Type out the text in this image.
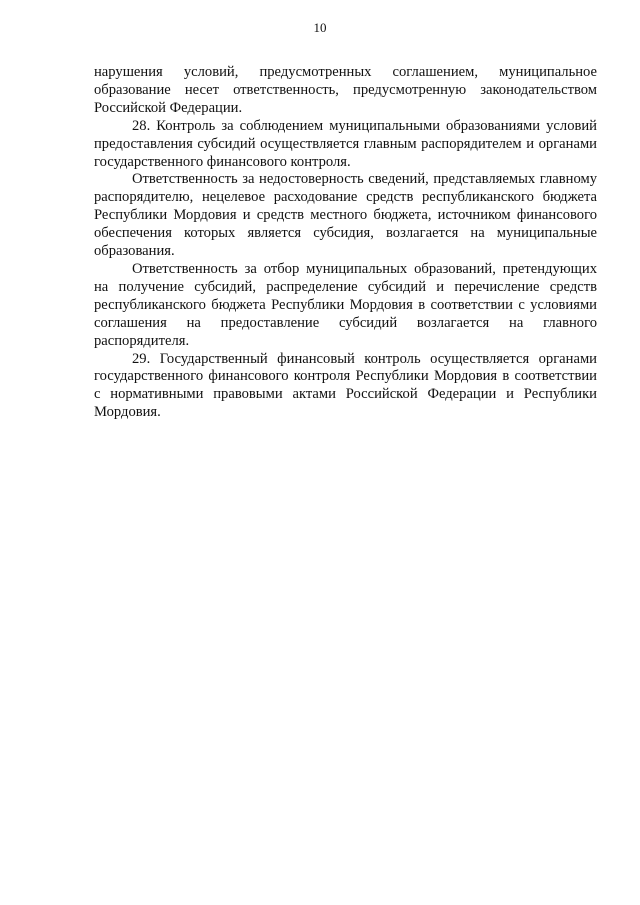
10

нарушения условий, предусмотренных соглашением, муниципальное образование несет ответственность, предусмотренную законодательством Российской Федерации.

28. Контроль за соблюдением муниципальными образованиями условий предоставления субсидий осуществляется главным распорядителем и органами государственного финансового контроля.

Ответственность за недостоверность сведений, представляемых главному распорядителю, нецелевое расходование средств республиканского бюджета Республики Мордовия и средств местного бюджета, источником финансового обеспечения которых является субсидия, возлагается на муниципальные образования.

Ответственность за отбор муниципальных образований, претендующих на получение субсидий, распределение субсидий и перечисление средств республиканского бюджета Республики Мордовия в соответствии с условиями соглашения на предоставление субсидий возлагается на главного распорядителя.

29. Государственный финансовый контроль осуществляется органами государственного финансового контроля Республики Мордовия в соответствии с нормативными правовыми актами Российской Федерации и Республики Мордовия.
